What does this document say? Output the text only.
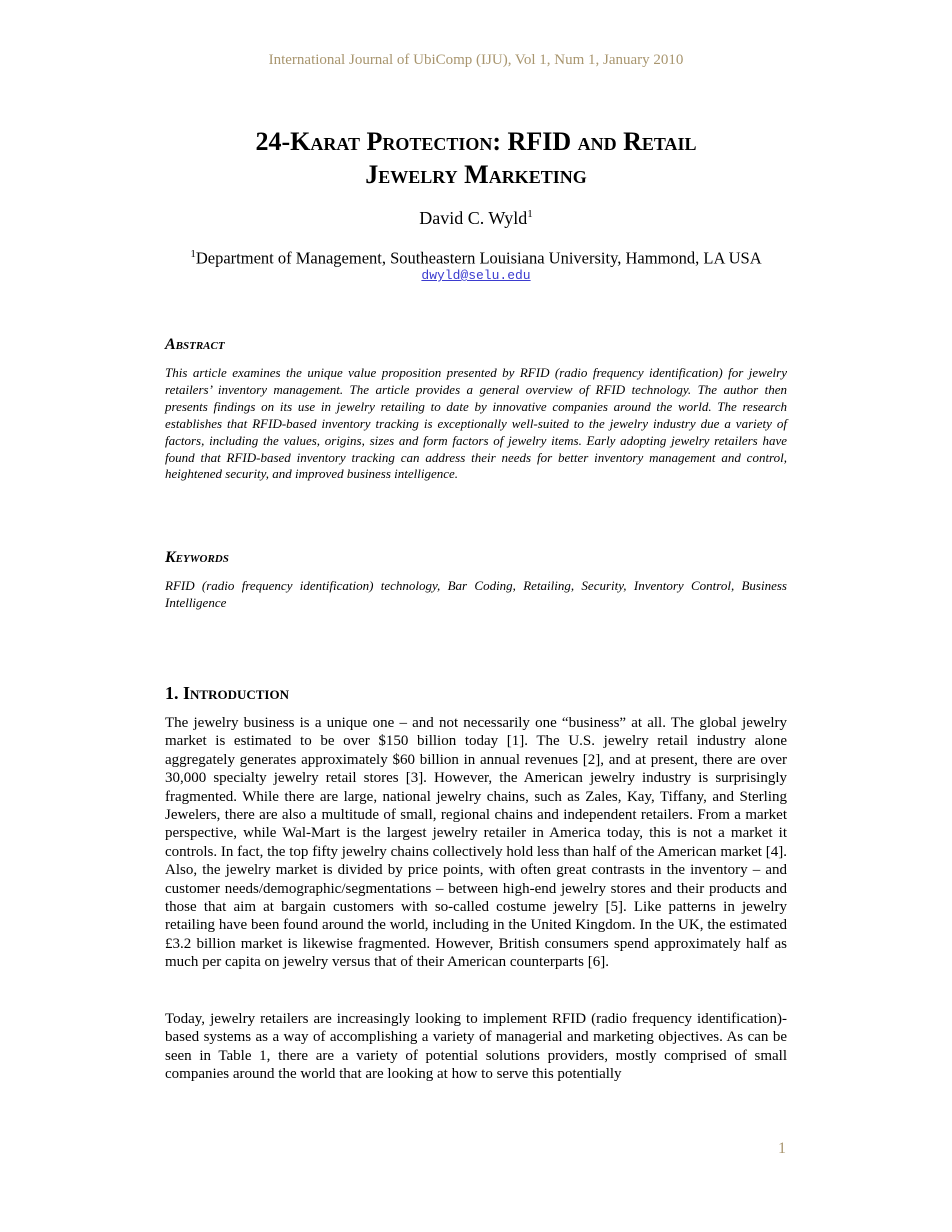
International Journal of UbiComp (IJU), Vol 1, Num 1, January 2010
24-Karat Protection: RFID and Retail
Jewelry Marketing
David C. Wyld$^1$
$^1$Department of Management, Southeastern Louisiana University, Hammond, LA USA
dwyld@selu.edu
Abstract
This article examines the unique value proposition presented by RFID (radio frequency identification) for jewelry retailers’ inventory management. The article provides a general overview of RFID technology. The author then presents findings on its use in jewelry retailing to date by innovative companies around the world. The research establishes that RFID-based inventory tracking is exceptionally well-suited to the jewelry industry due a variety of factors, including the values, origins, sizes and form factors of jewelry items. Early adopting jewelry retailers have found that RFID-based inventory tracking can address their needs for better inventory management and control, heightened security, and improved business intelligence.
Keywords
RFID (radio frequency identification) technology, Bar Coding, Retailing, Security, Inventory Control, Business Intelligence
1. Introduction
The jewelry business is a unique one – and not necessarily one “business” at all. The global jewelry market is estimated to be over $150 billion today [1]. The U.S. jewelry retail industry alone aggregately generates approximately $60 billion in annual revenues [2], and at present, there are over 30,000 specialty jewelry retail stores [3]. However, the American jewelry industry is surprisingly fragmented. While there are large, national jewelry chains, such as Zales, Kay, Tiffany, and Sterling Jewelers, there are also a multitude of small, regional chains and independent retailers. From a market perspective, while Wal-Mart is the largest jewelry retailer in America today, this is not a market it controls. In fact, the top fifty jewelry chains collectively hold less than half of the American market [4]. Also, the jewelry market is divided by price points, with often great contrasts in the inventory – and customer needs/demographic/segmentations – between high-end jewelry stores and their products and those that aim at bargain customers with so-called costume jewelry [5]. Like patterns in jewelry retailing have been found around the world, including in the United Kingdom. In the UK, the estimated £3.2 billion market is likewise fragmented. However, British consumers spend approximately half as much per capita on jewelry versus that of their American counterparts [6].
Today, jewelry retailers are increasingly looking to implement RFID (radio frequency identification)-based systems as a way of accomplishing a variety of managerial and marketing objectives. As can be seen in Table 1, there are a variety of potential solutions providers, mostly comprised of small companies around the world that are looking at how to serve this potentially
1
